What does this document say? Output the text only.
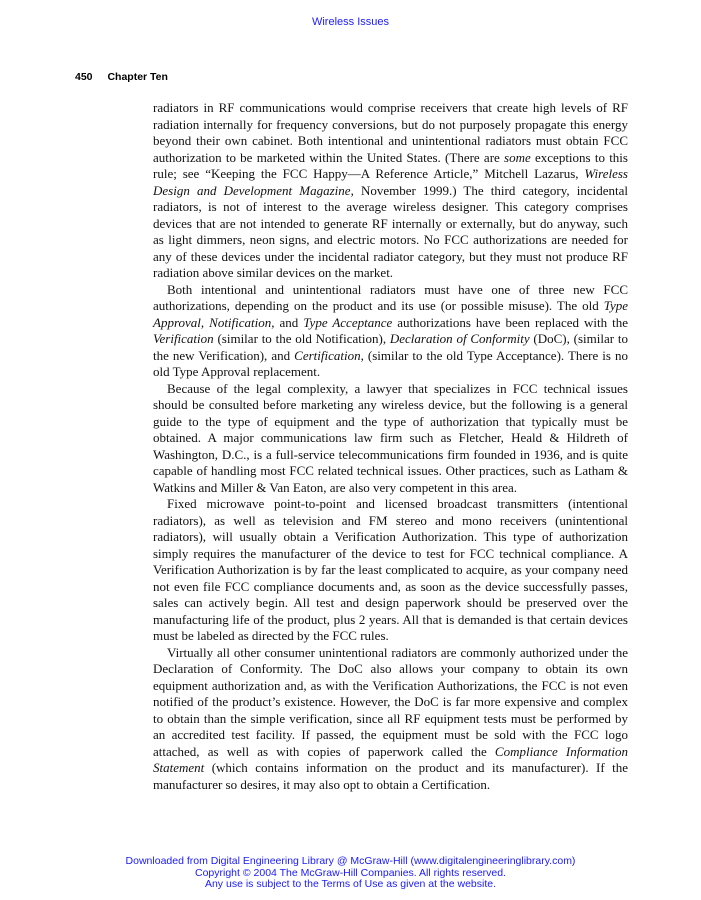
Wireless Issues
450 Chapter Ten

radiators in RF communications would comprise receivers that create high levels of RF radiation internally for frequency conversions, but do not purposely propagate this energy beyond their own cabinet. Both intentional and unintentional radiators must obtain FCC authorization to be marketed within the United States. (There are some exceptions to this rule; see “Keeping the FCC Happy—A Reference Article,” Mitchell Lazarus, Wireless Design and Development Magazine, November 1999.) The third category, incidental radiators, is not of interest to the average wireless designer. This category comprises devices that are not intended to generate RF internally or externally, but do anyway, such as light dimmers, neon signs, and electric motors. No FCC authorizations are needed for any of these devices under the incidental radiator category, but they must not produce RF radiation above similar devices on the market.

Both intentional and unintentional radiators must have one of three new FCC authorizations, depending on the product and its use (or possible misuse). The old Type Approval, Notification, and Type Acceptance authorizations have been replaced with the Verification (similar to the old Notification), Declaration of Conformity (DoC), (similar to the new Verification), and Certification, (similar to the old Type Acceptance). There is no old Type Approval replacement.

Because of the legal complexity, a lawyer that specializes in FCC technical issues should be consulted before marketing any wireless device, but the following is a general guide to the type of equipment and the type of authorization that typically must be obtained. A major communications law firm such as Fletcher, Heald & Hildreth of Washington, D.C., is a full-service telecommunications firm founded in 1936, and is quite capable of handling most FCC related technical issues. Other practices, such as Latham & Watkins and Miller & Van Eaton, are also very competent in this area.

Fixed microwave point-to-point and licensed broadcast transmitters (intentional radiators), as well as television and FM stereo and mono receivers (unintentional radiators), will usually obtain a Verification Authorization. This type of authorization simply requires the manufacturer of the device to test for FCC technical compliance. A Verification Authorization is by far the least complicated to acquire, as your company need not even file FCC compliance documents and, as soon as the device successfully passes, sales can actively begin. All test and design paperwork should be preserved over the manufacturing life of the product, plus 2 years. All that is demanded is that certain devices must be labeled as directed by the FCC rules.

Virtually all other consumer unintentional radiators are commonly authorized under the Declaration of Conformity. The DoC also allows your company to obtain its own equipment authorization and, as with the Verification Authorizations, the FCC is not even notified of the product’s existence. However, the DoC is far more expensive and complex to obtain than the simple verification, since all RF equipment tests must be performed by an accredited test facility. If passed, the equipment must be sold with the FCC logo attached, as well as with copies of paperwork called the Compliance Information Statement (which contains information on the product and its manufacturer). If the manufacturer so desires, it may also opt to obtain a Certification.

Downloaded from Digital Engineering Library @ McGraw-Hill (www.digitalengineeringlibrary.com)
Copyright © 2004 The McGraw-Hill Companies. All rights reserved.
Any use is subject to the Terms of Use as given at the website.
